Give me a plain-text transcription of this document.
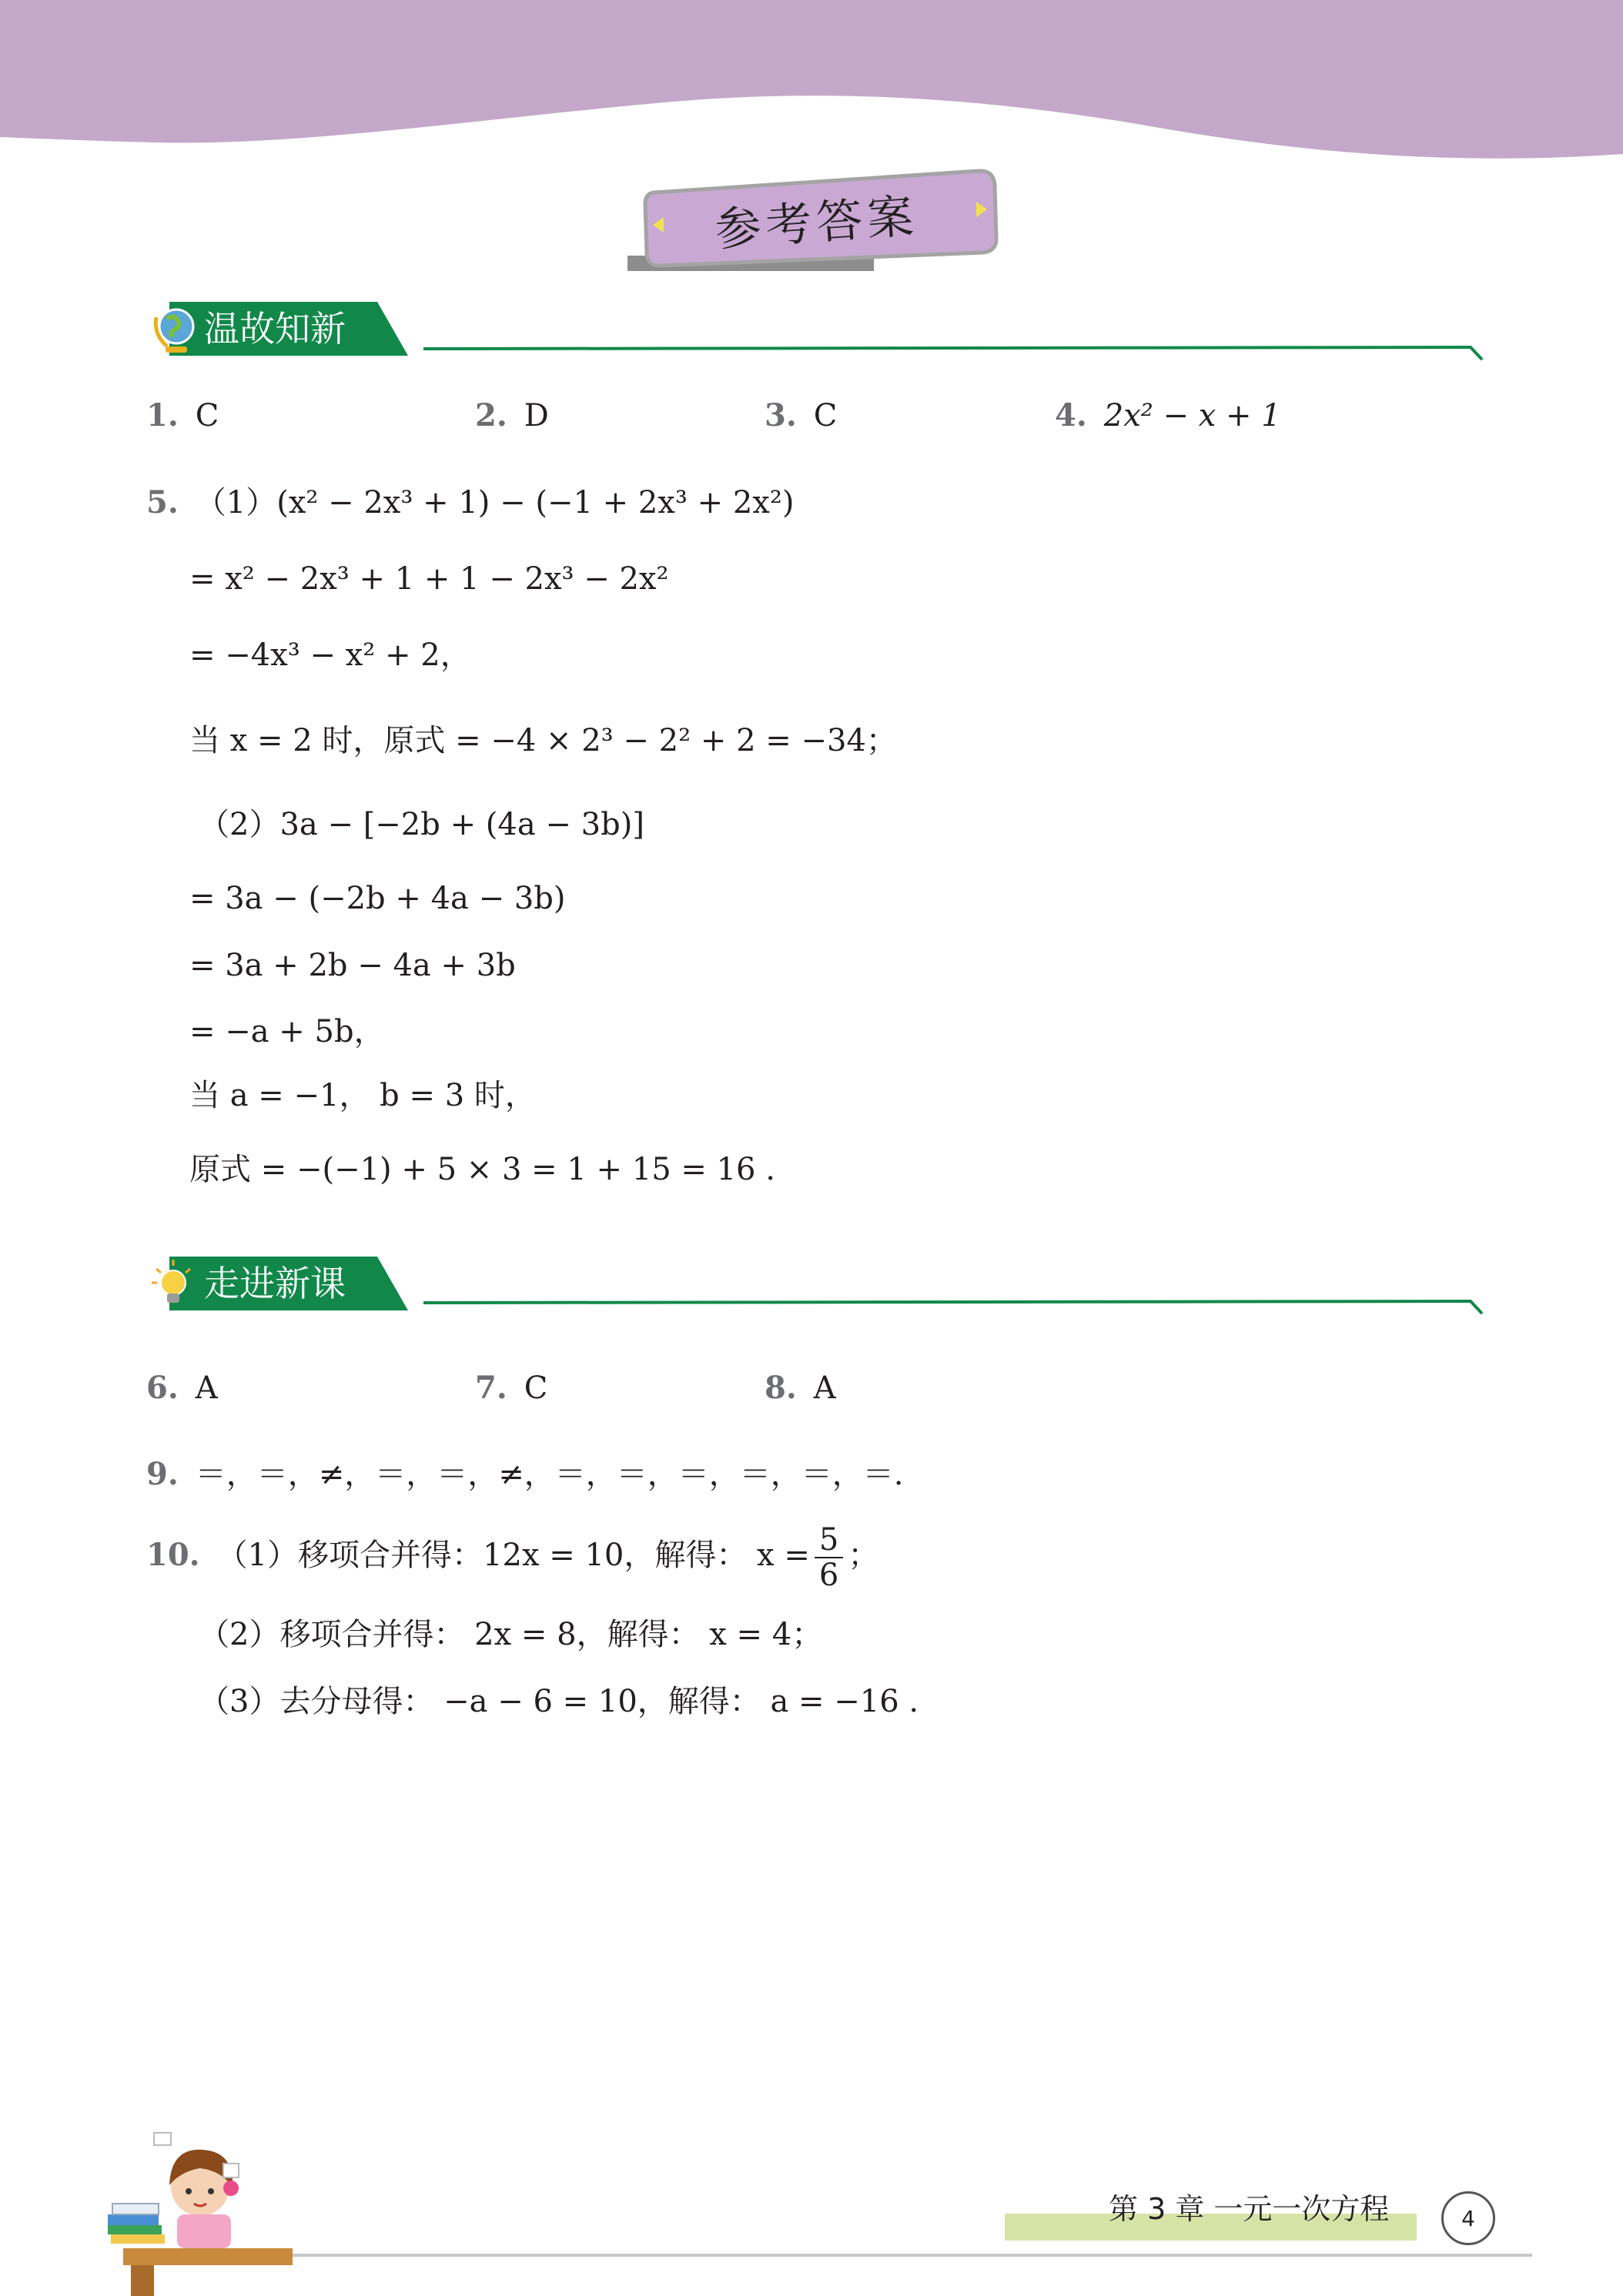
参考答案
温故知新
1. C	2. D	3. C	4. 2x² − x + 1
5. （1）(x² − 2x³ + 1) − (−1 + 2x³ + 2x²)
= x² − 2x³ + 1 + 1 − 2x³ − 2x²
= −4x³ − x² + 2，
当 x = 2 时，原式 = −4 × 2³ − 2² + 2 = −34；
（2）3a − [−2b + (4a − 3b)]
= 3a − (−2b + 4a − 3b)
= 3a + 2b − 4a + 3b
= −a + 5b，
当 a = −1， b = 3 时，
原式 = −(−1) + 5 × 3 = 1 + 15 = 16 .
走进新课
6. A	7. C	8. A
9. ＝，＝，≠，＝，＝，≠，＝，＝，＝，＝，＝，＝.
10. （1）移项合并得：12x = 10，解得： $x = \frac{5}{6}$ ；
（2）移项合并得： 2x = 8，解得： x = 4；
（3）去分母得： −a − 6 = 10，解得： a = −16 .
第 3 章 一元一次方程	4
